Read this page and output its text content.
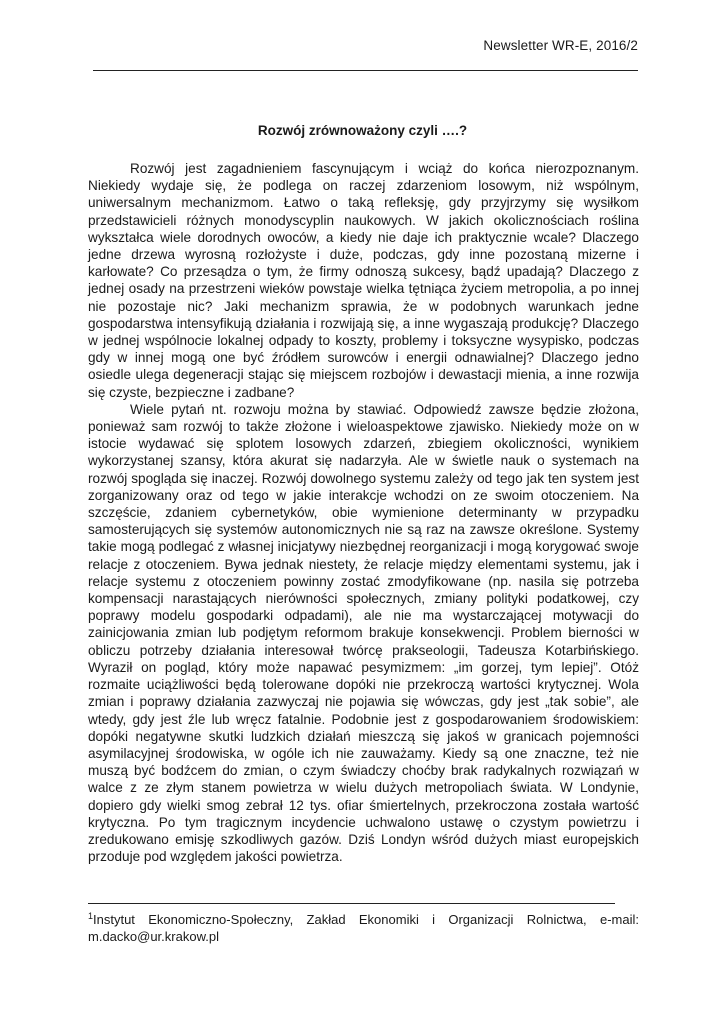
Newsletter WR-E, 2016/2
Rozwój zrównoważony czyli ….?

Rozwój jest zagadnieniem fascynującym i wciąż do końca nierozpoznanym. Niekiedy wydaje się, że podlega on raczej zdarzeniom losowym, niż wspólnym, uniwersalnym mechanizmom. Łatwo o taką refleksję, gdy przyjrzymy się wysiłkom przedstawicieli różnych monodyscyplin naukowych. W jakich okolicznościach roślina wykształca wiele dorodnych owoców, a kiedy nie daje ich praktycznie wcale? Dlaczego jedne drzewa wyrosną rozłożyste i duże, podczas, gdy inne pozostaną mizerne i karłowate? Co przesądza o tym, że firmy odnoszą sukcesy, bądź upadają? Dlaczego z jednej osady na przestrzeni wieków powstaje wielka tętniąca życiem metropolia, a po innej nie pozostaje nic? Jaki mechanizm sprawia, że w podobnych warunkach jedne gospodarstwa intensyfikują działania i rozwijają się, a inne wygaszają produkcję? Dlaczego w jednej wspólnocie lokalnej odpady to koszty, problemy i toksyczne wysypisko, podczas gdy w innej mogą one być źródłem surowców i energii odnawialnej? Dlaczego jedno osiedle ulega degeneracji stając się miejscem rozbojów i dewastacji mienia, a inne rozwija się czyste, bezpieczne i zadbane?

Wiele pytań nt. rozwoju można by stawiać. Odpowiedź zawsze będzie złożona, ponieważ sam rozwój to także złożone i wieloaspektowe zjawisko. Niekiedy może on w istocie wydawać się splotem losowych zdarzeń, zbiegiem okoliczności, wynikiem wykorzystanej szansy, która akurat się nadarzyła. Ale w świetle nauk o systemach na rozwój spogląda się inaczej. Rozwój dowolnego systemu zależy od tego jak ten system jest zorganizowany oraz od tego w jakie interakcje wchodzi on ze swoim otoczeniem. Na szczęście, zdaniem cybernetyków, obie wymienione determinanty w przypadku samosterujących się systemów autonomicznych nie są raz na zawsze określone. Systemy takie mogą podlegać z własnej inicjatywy niezbędnej reorganizacji i mogą korygować swoje relacje z otoczeniem. Bywa jednak niestety, że relacje między elementami systemu, jak i relacje systemu z otoczeniem powinny zostać zmodyfikowane (np. nasila się potrzeba kompensacji narastających nierówności społecznych, zmiany polityki podatkowej, czy poprawy modelu gospodarki odpadami), ale nie ma wystarczającej motywacji do zainicjowania zmian lub podjętym reformom brakuje konsekwencji. Problem bierności w obliczu potrzeby działania interesował twórcę prakseologii, Tadeusza Kotarbińskiego. Wyraził on pogląd, który może napawać pesymizmem: „im gorzej, tym lepiej”. Otóż rozmaite uciążliwości będą tolerowane dopóki nie przekroczą wartości krytycznej. Wola zmian i poprawy działania zazwyczaj nie pojawia się wówczas, gdy jest „tak sobie”, ale wtedy, gdy jest źle lub wręcz fatalnie. Podobnie jest z gospodarowaniem środowiskiem: dopóki negatywne skutki ludzkich działań mieszczą się jakoś w granicach pojemności asymilacyjnej środowiska, w ogóle ich nie zauważamy. Kiedy są one znaczne, też nie muszą być bodźcem do zmian, o czym świadczy choćby brak radykalnych rozwiązań w walce z ze złym stanem powietrza w wielu dużych metropoliach świata. W Londynie, dopiero gdy wielki smog zebrał 12 tys. ofiar śmiertelnych, przekroczona została wartość krytyczna. Po tym tragicznym incydencie uchwalono ustawę o czystym powietrzu i zredukowano emisję szkodliwych gazów. Dziś Londyn wśród dużych miast europejskich przoduje pod względem jakości powietrza.

$^1$Instytut Ekonomiczno-Społeczny, Zakład Ekonomiki i Organizacji Rolnictwa, e-mail:
m.dacko@ur.krakow.pl
